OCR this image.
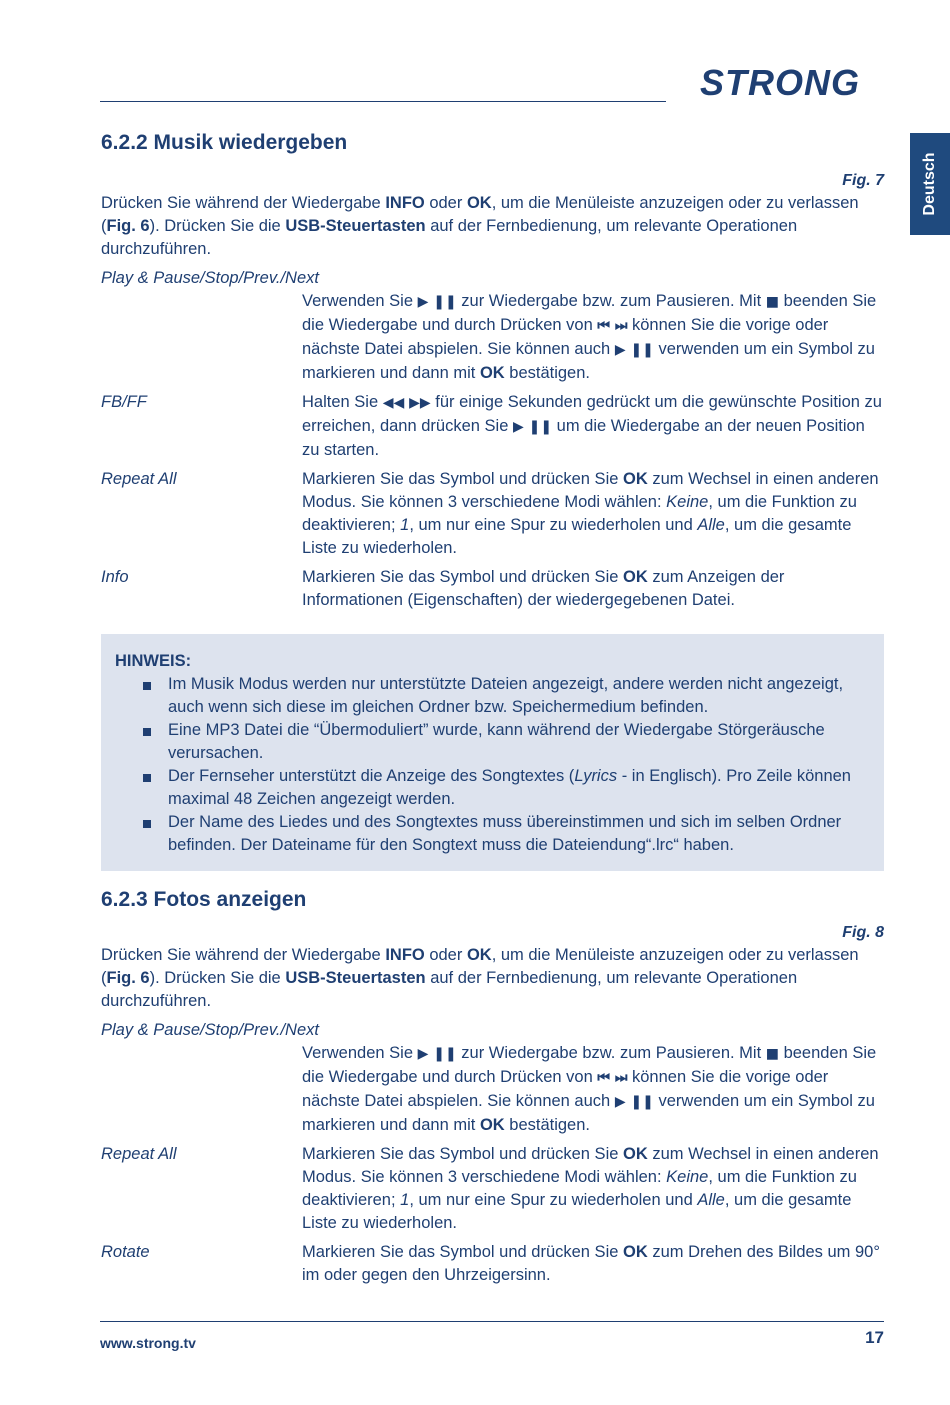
STRONG
Deutsch
6.2.2 Musik wiedergeben
Fig. 7

Drücken Sie während der Wiedergabe INFO oder OK, um die Menüleiste anzuzeigen oder zu verlassen (Fig. 6). Drücken Sie die USB-Steuertasten auf der Fernbedienung, um relevante Operationen durchzuführen.

Play & Pause/Stop/Prev./Next
Verwenden Sie ▶ ❚❚ zur Wiedergabe bzw. zum Pausieren. Mit ■ beenden Sie die Wiedergabe und durch Drücken von ⏮ ⏭ können Sie die vorige oder nächste Datei abspielen. Sie können auch ▶ ❚❚ verwenden um ein Symbol zu markieren und dann mit OK bestätigen.
FB/FF	Halten Sie ◀◀ ▶▶ für einige Sekunden gedrückt um die gewünschte Position zu erreichen, dann drücken Sie ▶ ❚❚ um die Wiedergabe an der neuen Position zu starten.
Repeat All	Markieren Sie das Symbol und drücken Sie OK zum Wechsel in einen anderen Modus. Sie können 3 verschiedene Modi wählen: Keine, um die Funktion zu deaktivieren; 1, um nur eine Spur zu wiederholen und Alle, um die gesamte Liste zu wiederholen.
Info	Markieren Sie das Symbol und drücken Sie OK zum Anzeigen der Informationen (Eigenschaften) der wiedergegebenen Datei.
HINWEIS:
Im Musik Modus werden nur unterstützte Dateien angezeigt, andere werden nicht angezeigt, auch wenn sich diese im gleichen Ordner bzw. Speichermedium befinden.
Eine MP3 Datei die “Übermoduliert” wurde, kann während der Wiedergabe Störgeräusche verursachen.
Der Fernseher unterstützt die Anzeige des Songtextes (Lyrics - in Englisch). Pro Zeile können maximal 48 Zeichen angezeigt werden.
Der Name des Liedes und des Songtextes muss übereinstimmen und sich im selben Ordner befinden. Der Dateiname für den Songtext muss die Dateiendung“.lrc“ haben.
6.2.3 Fotos anzeigen
Fig. 8

Drücken Sie während der Wiedergabe INFO oder OK, um die Menüleiste anzuzeigen oder zu verlassen (Fig. 6). Drücken Sie die USB-Steuertasten auf der Fernbedienung, um relevante Operationen durchzuführen.

Play & Pause/Stop/Prev./Next
Verwenden Sie ▶ ❚❚ zur Wiedergabe bzw. zum Pausieren. Mit ■ beenden Sie die Wiedergabe und durch Drücken von ⏮ ⏭ können Sie die vorige oder nächste Datei abspielen. Sie können auch ▶ ❚❚ verwenden um ein Symbol zu markieren und dann mit OK bestätigen.
Repeat All	Markieren Sie das Symbol und drücken Sie OK zum Wechsel in einen anderen Modus. Sie können 3 verschiedene Modi wählen: Keine, um die Funktion zu deaktivieren; 1, um nur eine Spur zu wiederholen und Alle, um die gesamte Liste zu wiederholen.
Rotate	Markieren Sie das Symbol und drücken Sie OK zum Drehen des Bildes um 90° im oder gegen den Uhrzeigersinn.
www.strong.tv	17
